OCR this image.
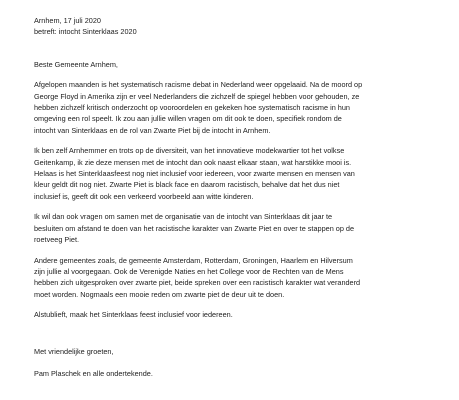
Arnhem, 17 juli 2020
betreft: intocht Sinterklaas 2020
Beste Gemeente Arnhem,
Afgelopen maanden is het systematisch racisme debat in Nederland weer opgelaaid. Na de moord op
George Floyd in Amerika zijn er veel Nederlanders die zichzelf de spiegel hebben voor gehouden, ze
hebben zichzelf kritisch onderzocht op vooroordelen en gekeken hoe systematisch racisme in hun
omgeving een rol speelt. Ik zou aan jullie willen vragen om dit ook te doen, specifiek rondom de
intocht van Sinterklaas en de rol van Zwarte Piet bij de intocht in Arnhem.
Ik ben zelf Arnhemmer en trots op de diversiteit, van het innovatieve modekwartier tot het volkse
Geitenkamp, ik zie deze mensen met de intocht dan ook naast elkaar staan, wat harstikke mooi is.
Helaas is het Sinterklaasfeest nog niet inclusief voor iedereen, voor zwarte mensen en mensen van
kleur geldt dit nog niet. Zwarte Piet is black face en daarom racistisch, behalve dat het dus niet
inclusief is, geeft dit ook een verkeerd voorbeeld aan witte kinderen.
Ik wil dan ook vragen om samen met de organisatie van de intocht van Sinterklaas dit jaar te
besluiten om afstand te doen van het racistische karakter van Zwarte Piet en over te stappen op de
roetveeg Piet.
Andere gemeentes zoals, de gemeente Amsterdam, Rotterdam, Groningen, Haarlem en Hilversum
zijn jullie al voorgegaan. Ook de Verenigde Naties en het College voor de Rechten van de Mens
hebben zich uitgesproken over zwarte piet, beide spreken over een racistisch karakter wat veranderd
moet worden. Nogmaals een mooie reden om zwarte piet de deur uit te doen.
Alstublieft, maak het Sinterklaas feest inclusief voor iedereen.
Met vriendelijke groeten,
Pam Plaschek en alle ondertekende.
